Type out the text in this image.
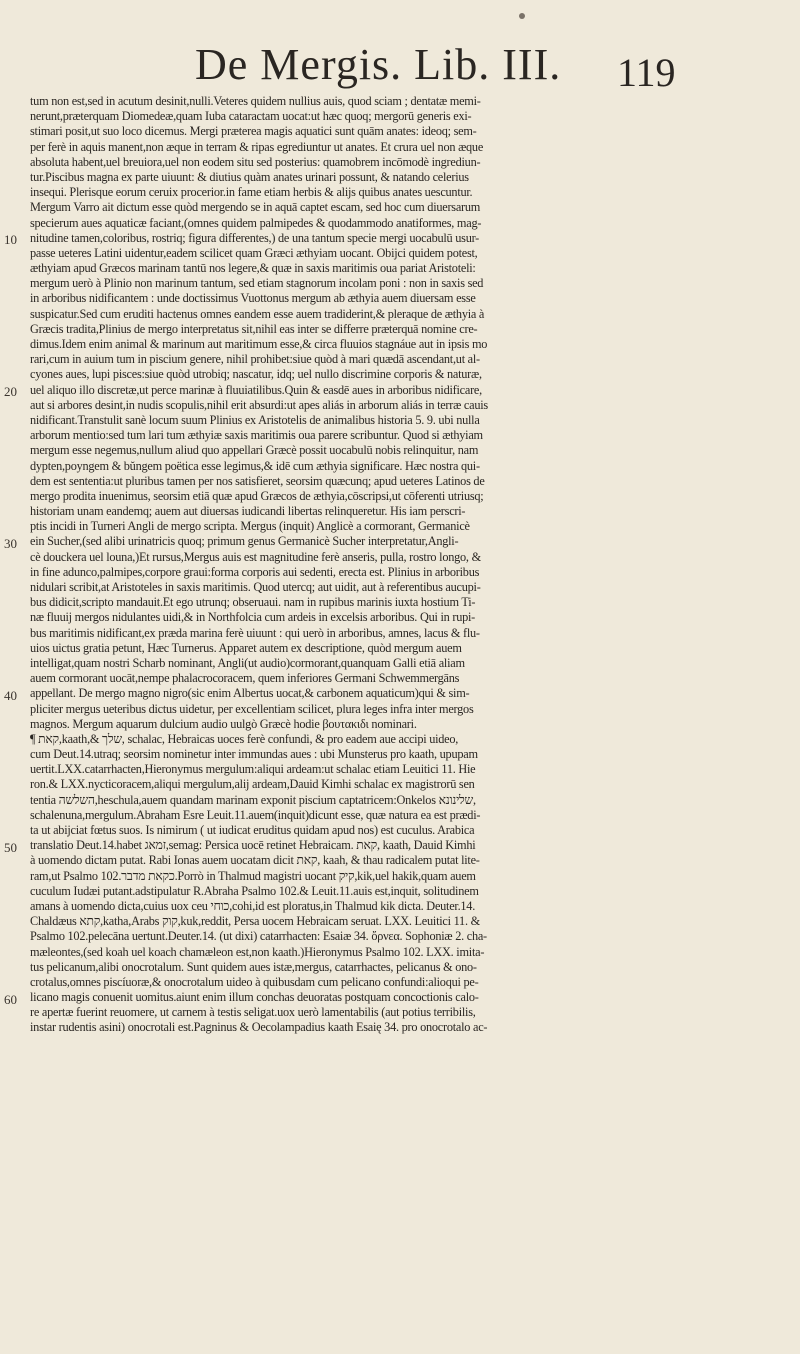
De Mergis. Lib. III.	119
10
20
30
40
50
60
tum non est,sed in acutum desinit,nulli.Veteres quidem nullius auis, quod sciam ; dentatæ memi-
nerunt,præterquam Diomedeæ,quam Iuba cataractam uocat:ut hæc quoq; mergorū generis exi-
stimari posit,ut suo loco dicemus. Mergi præterea magis aquatici sunt quām anates: ideoq; sem-
per ferè in aquis manent,non æque in terram & ripas egrediuntur ut anates. Et crura uel non æque
absoluta habent,uel breuiora,uel non eodem situ sed posterius: quamobrem incōmodè ingrediun-
tur.Piscibus magna ex parte uiuunt: & diutius quàm anates urinari possunt, & natando celerius
insequi. Plerisque eorum ceruix procerior.in fame etiam herbis & alijs quibus anates uescuntur.
Mergum Varro ait dictum esse quòd mergendo se in aquā captet escam, sed hoc cum diuersarum
specierum aues aquaticæ faciant,(omnes quidem palmipedes & quodammodo anatiformes, mag-
nitudine tamen,coloribus, rostriq; figura differentes,) de una tantum specie mergi uocabulū usur-
passe ueteres Latini uidentur,eadem scilicet quam Græci æthyiam uocant. Obijci quidem potest,
æthyiam apud Græcos marinam tantū nos legere,& quæ in saxis maritimis oua pariat Aristoteli:
mergum uerò à Plinio non marinum tantum, sed etiam stagnorum incolam poni : non in saxis sed
in arboribus nidificantem : unde doctissimus Vuottonus mergum ab æthyia auem diuersam esse
suspicatur.Sed cum eruditi hactenus omnes eandem esse auem tradiderint,& pleraque de æthyia à
Græcis tradita,Plinius de mergo interpretatus sit,nihil eas inter se differre præterquā nomine cre-
dimus.Idem enim animal & marinum aut maritimum esse,& circa fluuios stagnáue aut in ipsis mo
rari,cum in auium tum in piscium genere, nihil prohibet:siue quòd à mari quædā ascendant,ut al-
cyones aues, lupi pisces:siue quòd utrobiq; nascatur, idq; uel nullo discrimine corporis & naturæ,
uel aliquo illo discretæ,ut perce marinæ à fluuiatilibus.Quin & easdē aues in arboribus nidificare,
aut si arbores desint,in nudis scopulis,nihil erit absurdi:ut apes aliás in arborum aliás in terræ cauis
nidificant.Transtulit sanè locum suum Plinius ex Aristotelis de animalibus historia 5. 9. ubi nulla
arborum mentio:sed tum lari tum æthyiæ saxis maritimis oua parere scribuntur. Quod si æthyiam
mergum esse negemus,nullum aliud quo appellari Græcè possit uocabulū nobis relinquitur, nam
dypten,poyngem & bŭngem poëtica esse legimus,& idē cum æthyia significare. Hæc nostra qui-
dem est sententia:ut pluribus tamen per nos satisfieret, seorsim quæcunq; apud ueteres Latinos de
mergo prodita inuenimus, seorsim etiā quæ apud Græcos de æthyia,cōscripsi,ut cōferenti utriusq;
historiam unam eandemq; auem aut diuersas iudicandi libertas relinqueretur. His iam perscri-
ptis incidi in Turneri Angli de mergo scripta. Mergus (inquit) Anglicè a cormorant, Germanicè
ein Sucher,(sed alibi urinatricis quoq; primum genus Germanicè Sucher interpretatur,Angli-
cè douckera uel louna,)Et rursus,Mergus auis est magnitudine ferè anseris, pulla, rostro longo, &
in fine adunco,palmipes,corpore graui:forma corporis aui sedenti, erecta est. Plinius in arboribus
nidulari scribit,at Aristoteles in saxis maritimis. Quod utercq; aut uidit, aut à referentibus aucupi-
bus didicit,scripto mandauit.Et ego utrunq; obseruaui. nam in rupibus marinis iuxta hostium Ti-
næ fluuij mergos nidulantes uidi,& in Northfolcia cum ardeis in excelsis arboribus. Qui in rupi-
bus maritimis nidificant,ex præda marina ferè uiuunt : qui uerò in arboribus, amnes, lacus & flu-
uios uictus gratia petunt, Hæc Turnerus. Apparet autem ex descriptione, quòd mergum auem
intelligat,quam nostri Scharb nominant, Angli(ut audio)cormorant,quanquam Galli etiā aliam
auem cormorant uocāt,nempe phalacrocoracem, quem inferiores Germani Schwemmergāns
appellant. De mergo magno nigro(sic enim Albertus uocat,& carbonem aquaticum)qui & sim-
pliciter mergus ueteribus dictus uidetur, per excellentiam scilicet, plura leges infra inter mergos
magnos. Mergum aquarum dulcium audio uulgò Græcè hodie βουτακιδι nominari.
¶ קאת,kaath,& שלך, schalac, Hebraicas uoces ferè confundi, & pro eadem aue accipi uideo,
cum Deut.14.utraq; seorsim nominetur inter immundas aues : ubi Munsterus pro kaath, upupam
uertit.LXX.catarrhacten,Hieronymus mergulum:aliqui ardeam:ut schalac etiam Leuitici 11. Hie
ron.& LXX.nycticoracem,aliqui mergulum,alij ardeam,Dauid Kimhi schalac ex magistrorū sen
tentia השלשה,heschula,auem quandam marinam exponit piscium captatricem:Onkelos שלינונא,
schalenuna,mergulum.Abraham Esre Leuit.11.auem(inquit)dicunt esse, quæ natura ea est prædi-
ta ut abijciat fœtus suos. Is nimirum ( ut iudicat eruditus quidam apud nos) est cuculus. Arabica
translatio Deut.14.habet זמאג,semag: Persica uocē retinet Hebraicam. קאת, kaath, Dauid Kimhi
à uomendo dictam putat. Rabi Ionas auem uocatam dicit קאת, kaah, & thau radicalem putat lite-
ram,ut Psalmo 102.כקאת מדבר.Porrò in Thalmud magistri uocant קיק,kik,uel hakik,quam auem
cuculum Iudæi putant.adstipulatur R.Abraha Psalmo 102.& Leuit.11.auis est,inquit, solitudinem
amans à uomendo dicta,cuius uox ceu כוחי,cohi,id est ploratus,in Thalmud kik dicta. Deuter.14.
Chaldæus קתא,katha,Arabs קוק,kuk,reddit, Persa uocem Hebraicam seruat. LXX. Leuitici 11. &
Psalmo 102.pelecāna uertunt.Deuter.14. (ut dixi) catarrhacten: Esaiæ 34. ὄρνεα. Sophoniæ 2. cha-
mæleontes,(sed koah uel koach chamæleon est,non kaath.)Hieronymus Psalmo 102. LXX. imita-
tus pelicanum,alibi onocrotalum. Sunt quidem aues istæ,mergus, catarrhactes, pelicanus & ono-
crotalus,omnes piscíuoræ,& onocrotalum uideo à quibusdam cum pelicano confundi:alioqui pe-
licano magis conuenit uomitus.aiunt enim illum conchas deuoratas postquam concoctionis calo-
re apertæ fuerint reuomere, ut carnem à testis seligat.uox uerò lamentabilis (aut potius terribilis,
instar rudentis asini) onocrotali est.Pagninus & Oecolampadius kaath Esaię 34. pro onocrotalo ac-
